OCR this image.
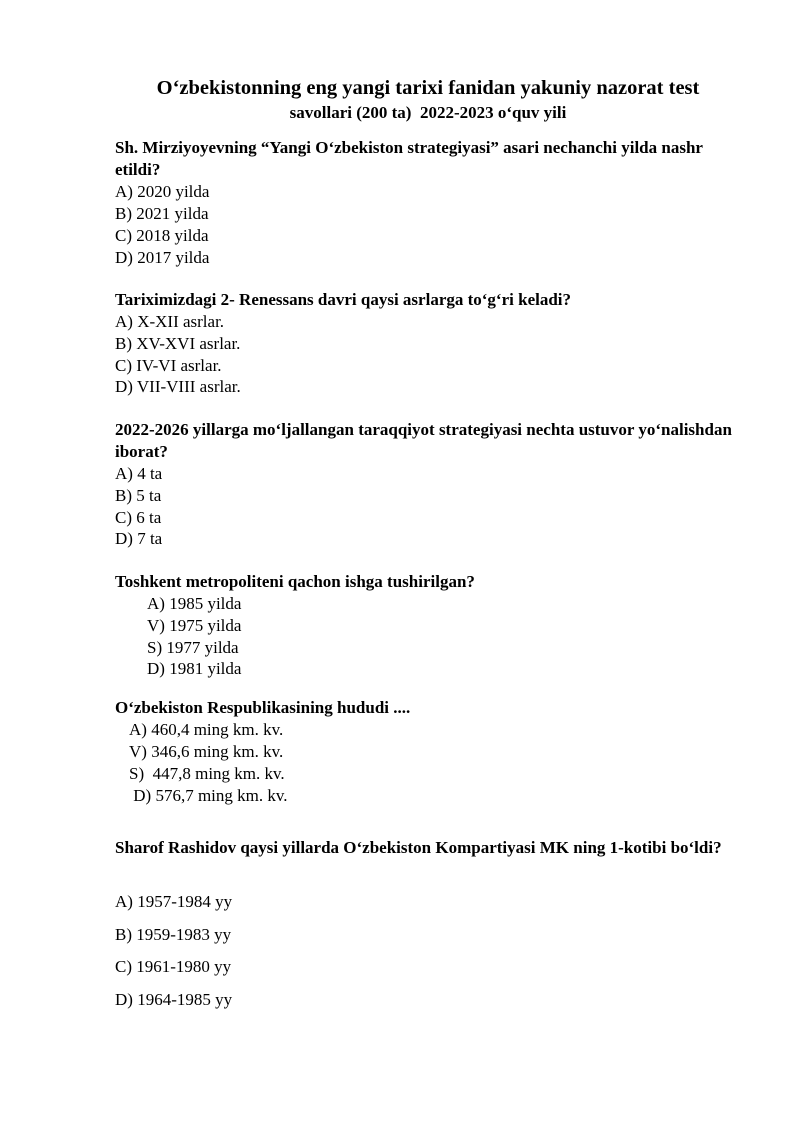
O‘zbekistonning eng yangi tarixi fanidan yakuniy nazorat test
savollari (200 ta)  2022-2023 o‘quv yili
Sh. Mirziyoyevning “Yangi O‘zbekiston strategiyasi” asari nechanchi yilda nashr etildi?
A) 2020 yilda
B) 2021 yilda
C) 2018 yilda
D) 2017 yilda
Tariximizdagi 2- Renessans davri qaysi asrlarga to‘g‘ri keladi?
A) X-XII asrlar.
B) XV-XVI asrlar.
C) IV-VI asrlar.
D) VII-VIII asrlar.
2022-2026 yillarga mo‘ljallangan taraqqiyot strategiyasi nechta ustuvor yo‘nalishdan iborat?
A) 4 ta
B) 5 ta
C) 6 ta
D) 7 ta
Toshkent metropoliteni qachon ishga tushirilgan?
A) 1985 yilda
V) 1975 yilda
S) 1977 yilda
D) 1981 yilda
O‘zbekiston Respublikasining hududi ....
A) 460,4 ming km. kv.
V) 346,6 ming km. kv.
S)  447,8 ming km. kv.
D) 576,7 ming km. kv.
Sharof Rashidov qaysi yillarda O‘zbekiston Kompartiyasi MK ning 1-kotibi bo‘ldi?
A) 1957-1984 yy
B) 1959-1983 yy
C) 1961-1980 yy
D) 1964-1985 yy
